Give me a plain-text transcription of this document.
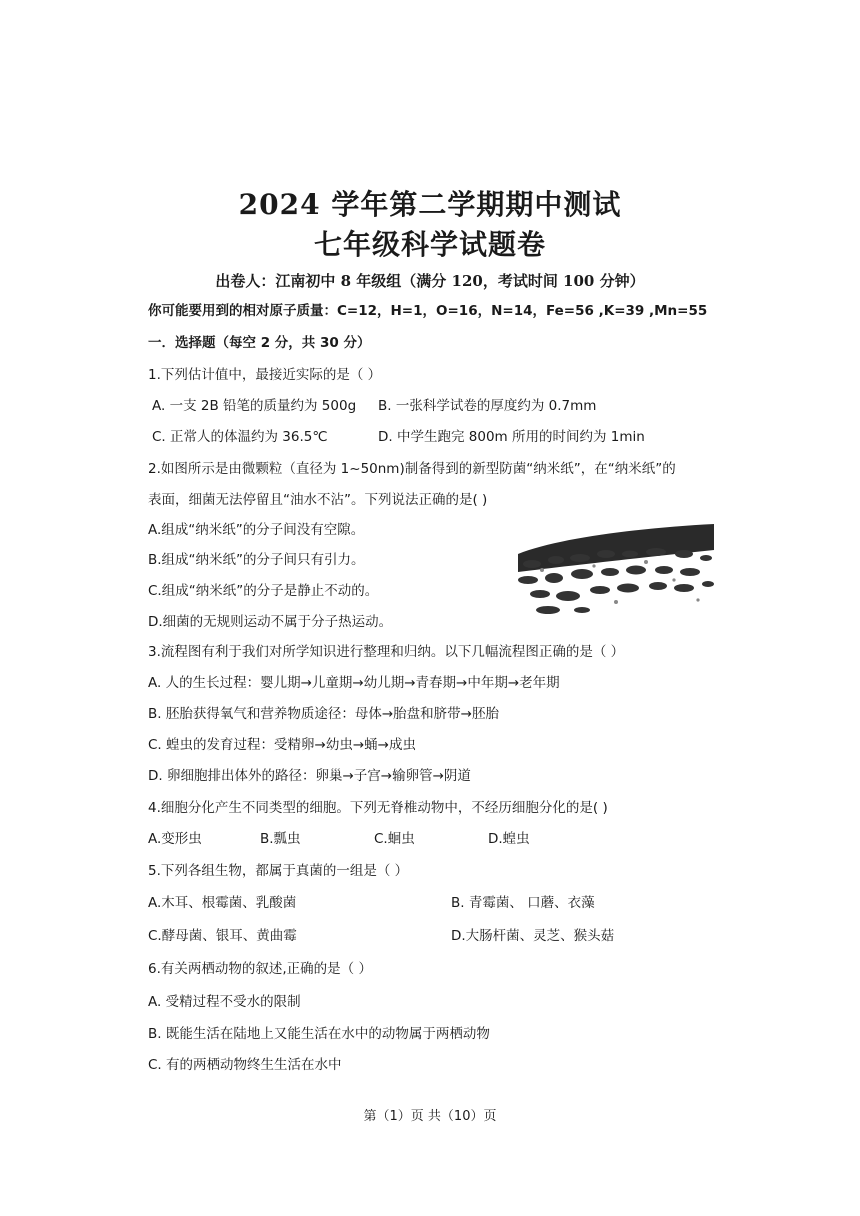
2024 学年第二学期期中测试
七年级科学试题卷
出卷人：江南初中 8 年级组（满分 120，考试时间 100 分钟）
你可能要用到的相对原子质量：C=12，H=1，O=16，N=14，Fe=56 ,K=39 ,Mn=55
一．选择题（每空 2 分，共 30 分）
1.下列估计值中，最接近实际的是（ ）
A. 一支 2B 铅笔的质量约为 500g B. 一张科学试卷的厚度约为 0.7mm
C. 正常人的体温约为 36.5℃	D. 中学生跑完 800m 所用的时间约为 1min
2.如图所示是由微颗粒（直径为 1~50nm)制备得到的新型防菌“纳米纸”，在“纳米纸”的
表面，细菌无法停留且“油水不沾”。下列说法正确的是( )
A.组成“纳米纸”的分子间没有空隙。
B.组成“纳米纸”的分子间只有引力。
C.组成“纳米纸”的分子是静止不动的。
D.细菌的无规则运动不属于分子热运动。
3.流程图有利于我们对所学知识进行整理和归纳。以下几幅流程图正确的是（ ）
A. 人的生长过程：婴儿期→儿童期→幼儿期→青春期→中年期→老年期
B. 胚胎获得氧气和营养物质途径：母体→胎盘和脐带→胚胎
C. 蝗虫的发育过程：受精卵→幼虫→蛹→成虫
D. 卵细胞排出体外的路径：卵巢→子宫→输卵管→阴道
4.细胞分化产生不同类型的细胞。下列无脊椎动物中，不经历细胞分化的是( )
A.变形虫	B.瓢虫	C.蛔虫	D.蝗虫
5.下列各组生物，都属于真菌的一组是（ ）
A.木耳、根霉菌、乳酸菌	B. 青霉菌、 口蘑、衣藻
C.酵母菌、银耳、黄曲霉	D.大肠杆菌、灵芝、猴头菇
6.有关两栖动物的叙述,正确的是（ ）
A. 受精过程不受水的限制
B. 既能生活在陆地上又能生活在水中的动物属于两栖动物
C. 有的两栖动物终生生活在水中
第（1）页 共（10）页
